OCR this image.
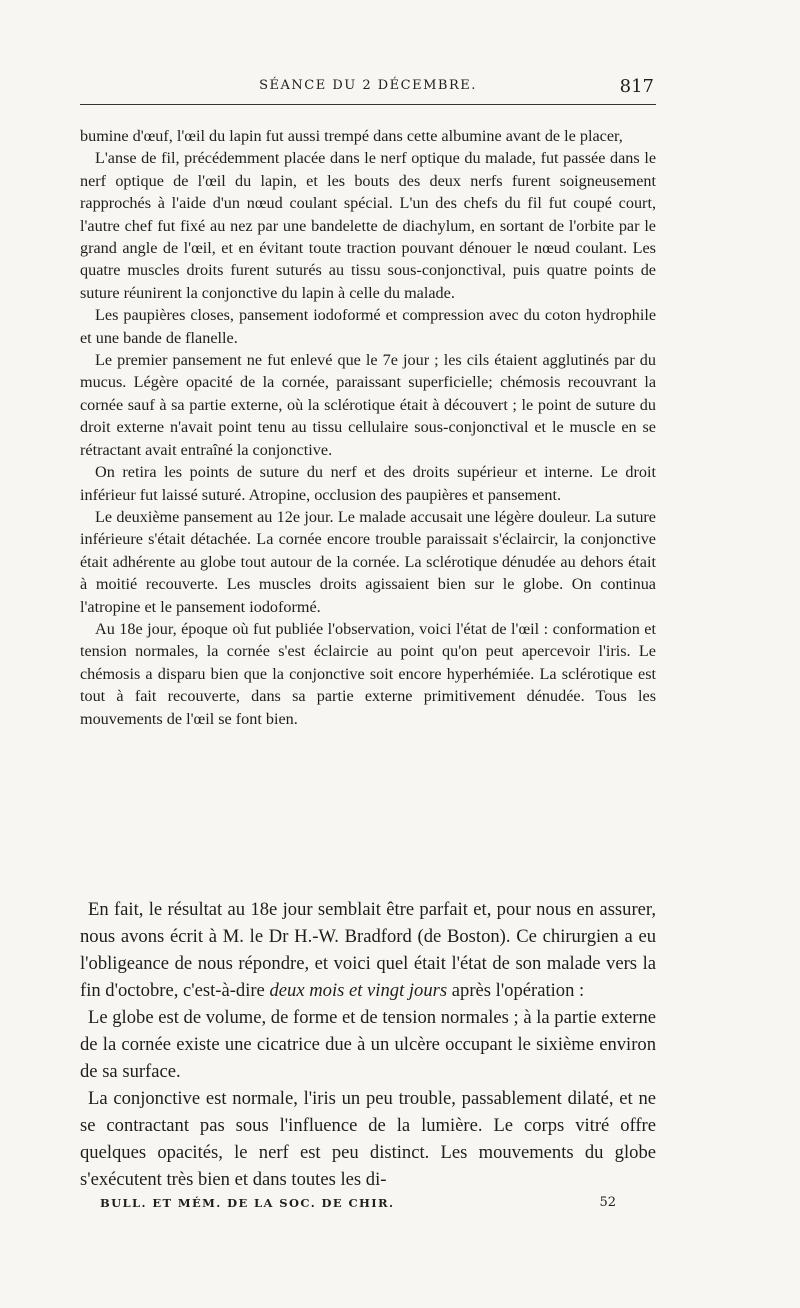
SÉANCE DU 2 DÉCEMBRE.	817

bumine d'œuf, l'œil du lapin fut aussi trempé dans cette albumine avant de le placer,

L'anse de fil, précédemment placée dans le nerf optique du malade, fut passée dans le nerf optique de l'œil du lapin, et les bouts des deux nerfs furent soigneusement rapprochés à l'aide d'un nœud coulant spécial. L'un des chefs du fil fut coupé court, l'autre chef fut fixé au nez par une bandelette de diachylum, en sortant de l'orbite par le grand angle de l'œil, et en évitant toute traction pouvant dénouer le nœud coulant. Les quatre muscles droits furent suturés au tissu sous-conjonctival, puis quatre points de suture réunirent la conjonctive du lapin à celle du malade.

Les paupières closes, pansement iodoformé et compression avec du coton hydrophile et une bande de flanelle.

Le premier pansement ne fut enlevé que le 7e jour ; les cils étaient agglutinés par du mucus. Légère opacité de la cornée, paraissant superficielle; chémosis recouvrant la cornée sauf à sa partie externe, où la sclérotique était à découvert ; le point de suture du droit externe n'avait point tenu au tissu cellulaire sous-conjonctival et le muscle en se rétractant avait entraîné la conjonctive.

On retira les points de suture du nerf et des droits supérieur et interne. Le droit inférieur fut laissé suturé. Atropine, occlusion des paupières et pansement.

Le deuxième pansement au 12e jour. Le malade accusait une légère douleur. La suture inférieure s'était détachée. La cornée encore trouble paraissait s'éclaircir, la conjonctive était adhérente au globe tout autour de la cornée. La sclérotique dénudée au dehors était à moitié recouverte. Les muscles droits agissaient bien sur le globe. On continua l'atropine et le pansement iodoformé.

Au 18e jour, époque où fut publiée l'observation, voici l'état de l'œil : conformation et tension normales, la cornée s'est éclaircie au point qu'on peut apercevoir l'iris. Le chémosis a disparu bien que la conjonctive soit encore hyperhémiée. La sclérotique est tout à fait recouverte, dans sa partie externe primitivement dénudée. Tous les mouvements de l'œil se font bien.

En fait, le résultat au 18e jour semblait être parfait et, pour nous en assurer, nous avons écrit à M. le Dr H.-W. Bradford (de Boston). Ce chirurgien a eu l'obligeance de nous répondre, et voici quel était l'état de son malade vers la fin d'octobre, c'est-à-dire deux mois et vingt jours après l'opération :

Le globe est de volume, de forme et de tension normales ; à la partie externe de la cornée existe une cicatrice due à un ulcère occupant le sixième environ de sa surface.

La conjonctive est normale, l'iris un peu trouble, passablement dilaté, et ne se contractant pas sous l'influence de la lumière. Le corps vitré offre quelques opacités, le nerf est peu distinct. Les mouvements du globe s'exécutent très bien et dans toutes les di-

BULL. ET MÉM. DE LA SOC. DE CHIR.	52
